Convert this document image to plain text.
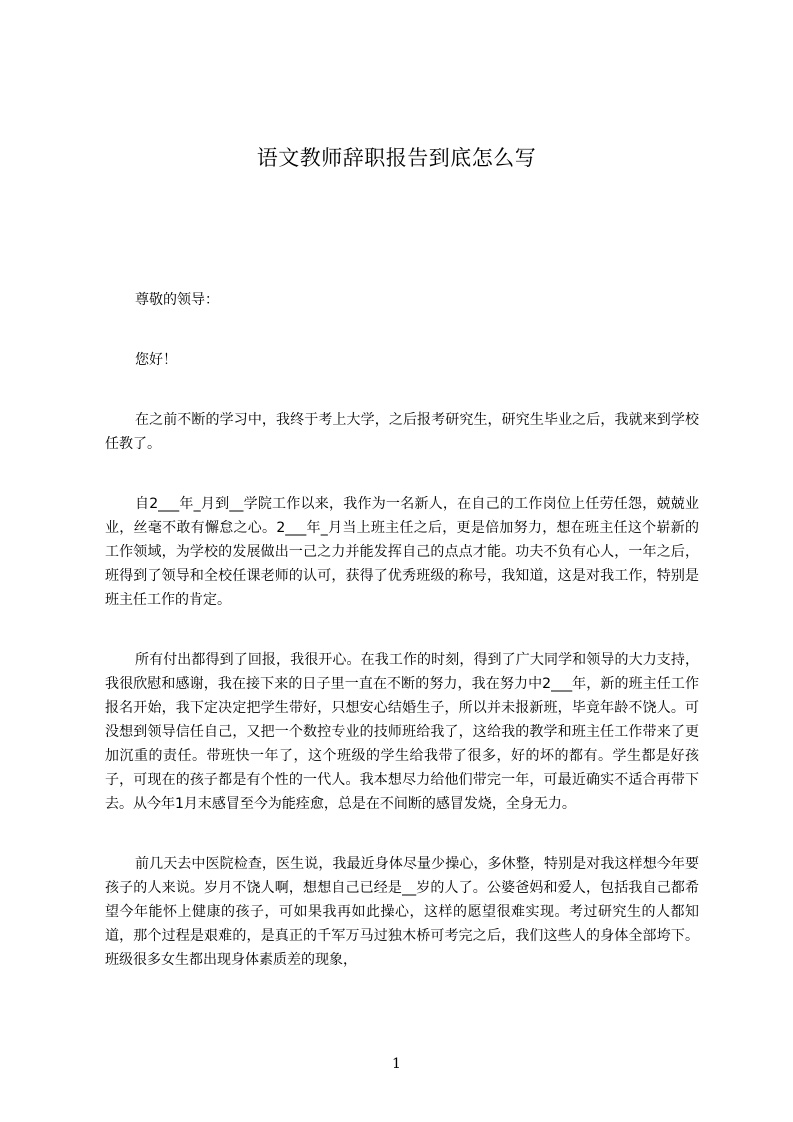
语文教师辞职报告到底怎么写

尊敬的领导：

您好！

在之前不断的学习中，我终于考上大学，之后报考研究生，研究生毕业之后，我就来到学校任教了。

自2___年_月到__学院工作以来，我作为一名新人，在自己的工作岗位上任劳任怨，兢兢业业，丝毫不敢有懈怠之心。2___年_月当上班主任之后，更是倍加努力，想在班主任这个崭新的工作领域，为学校的发展做出一己之力并能发挥自己的点点才能。功夫不负有心人，一年之后，班得到了领导和全校任课老师的认可，获得了优秀班级的称号，我知道，这是对我工作，特别是班主任工作的肯定。

所有付出都得到了回报，我很开心。在我工作的时刻，得到了广大同学和领导的大力支持，我很欣慰和感谢，我在接下来的日子里一直在不断的努力，我在努力中2___年，新的班主任工作报名开始，我下定决定把学生带好，只想安心结婚生子，所以并未报新班，毕竟年龄不饶人。可没想到领导信任自己，又把一个数控专业的技师班给我了，这给我的教学和班主任工作带来了更加沉重的责任。带班快一年了，这个班级的学生给我带了很多，好的坏的都有。学生都是好孩子，可现在的孩子都是有个性的一代人。我本想尽力给他们带完一年，可最近确实不适合再带下去。从今年1月末感冒至今为能痊愈，总是在不间断的感冒发烧，全身无力。

前几天去中医院检查，医生说，我最近身体尽量少操心，多休整，特别是对我这样想今年要孩子的人来说。岁月不饶人啊，想想自己已经是__岁的人了。公婆爸妈和爱人，包括我自己都希望今年能怀上健康的孩子，可如果我再如此操心，这样的愿望很难实现。考过研究生的人都知道，那个过程是艰难的，是真正的千军万马过独木桥可考完之后，我们这些人的身体全部垮下。班级很多女生都出现身体素质差的现象，

1
